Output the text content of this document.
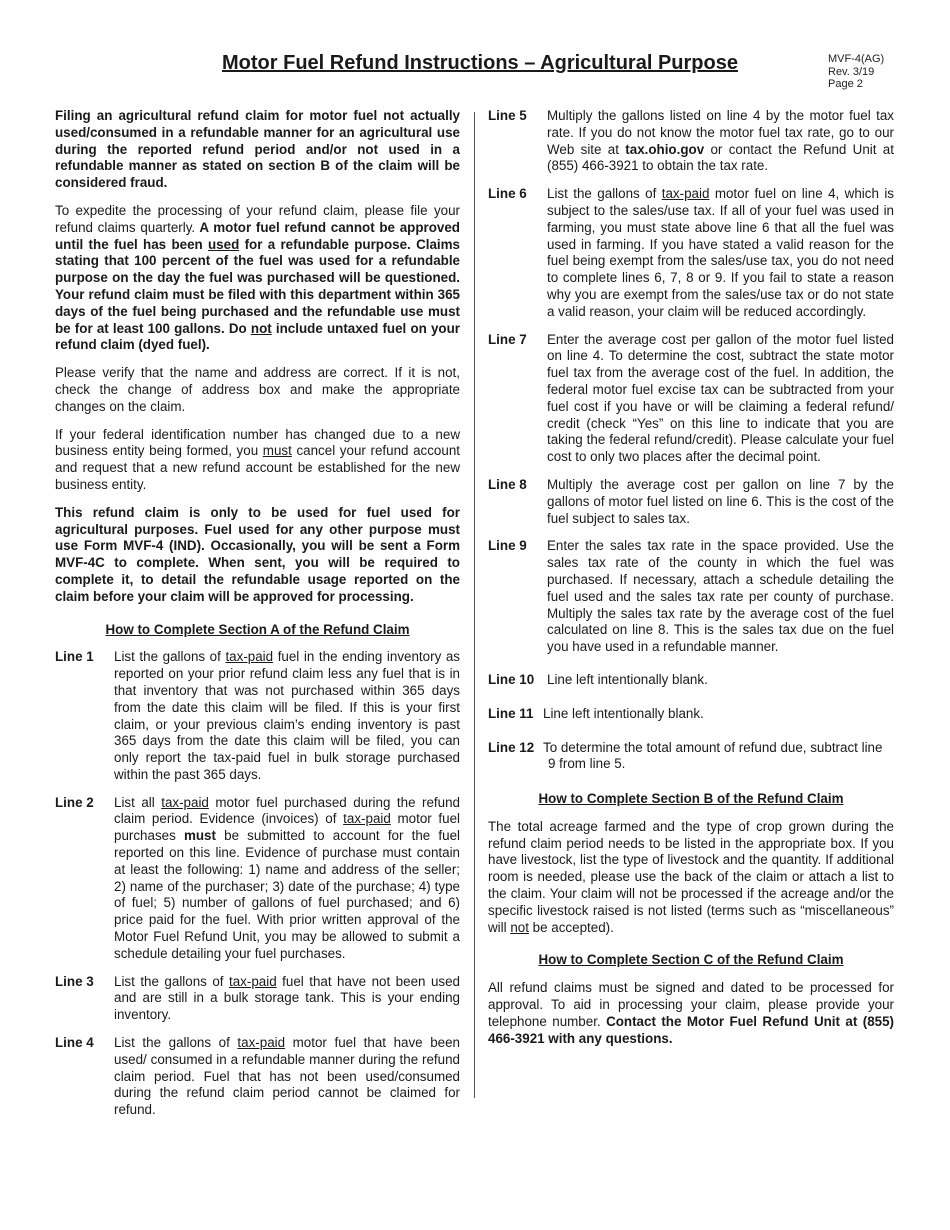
Motor Fuel Refund Instructions – Agricultural Purpose	MVF-4(AG)
Rev. 3/19
Page 2

Filing an agricultural refund claim for motor fuel not actually used/consumed in a refundable manner for an agricultural use during the reported refund period and/or not used in a refundable manner as stated on section B of the claim will be considered fraud.

To expedite the processing of your refund claim, please file your refund claims quarterly. A motor fuel refund cannot be approved until the fuel has been used for a refundable purpose. Claims stating that 100 percent of the fuel was used for a refundable purpose on the day the fuel was purchased will be questioned. Your refund claim must be filed with this department within 365 days of the fuel being purchased and the refundable use must be for at least 100 gallons. Do not include untaxed fuel on your refund claim (dyed fuel).

Please verify that the name and address are correct. If it is not, check the change of address box and make the appropriate changes on the claim.

If your federal identification number has changed due to a new business entity being formed, you must cancel your refund account and request that a new refund account be established for the new business entity.

This refund claim is only to be used for fuel used for agricultural purposes. Fuel used for any other purpose must use Form MVF-4 (IND). Occasionally, you will be sent a Form MVF-4C to complete. When sent, you will be required to complete it, to detail the refundable usage reported on the claim before your claim will be approved for processing.

How to Complete Section A of the Refund Claim
Line 1 List the gallons of tax-paid fuel in the ending inventory as reported on your prior refund claim less any fuel that is in that inventory that was not purchased within 365 days from the date this claim will be filed. If this is your first claim, or your previous claim’s ending inventory is past 365 days from the date this claim will be filed, you can only report the tax-paid fuel in bulk storage purchased within the past 365 days.
Line 2 List all tax-paid motor fuel purchased during the refund claim period. Evidence (invoices) of tax-paid motor fuel purchases must be submitted to account for the fuel reported on this line. Evidence of purchase must contain at least the following: 1) name and address of the seller; 2) name of the purchaser; 3) date of the purchase; 4) type of fuel; 5) number of gallons of fuel purchased; and 6) price paid for the fuel. With prior written approval of the Motor Fuel Refund Unit, you may be allowed to submit a schedule detailing your fuel purchases.
Line 3 List the gallons of tax-paid fuel that have not been used and are still in a bulk storage tank. This is your ending inventory.
Line 4 List the gallons of tax-paid motor fuel that have been used/ consumed in a refundable manner during the refund claim period. Fuel that has not been used/consumed during the refund claim period cannot be claimed for refund.
Line 5 Multiply the gallons listed on line 4 by the motor fuel tax rate. If you do not know the motor fuel tax rate, go to our Web site at tax.ohio.gov or contact the Refund Unit at (855) 466-3921 to obtain the tax rate.
Line 6 List the gallons of tax-paid motor fuel on line 4, which is subject to the sales/use tax. If all of your fuel was used in farming, you must state above line 6 that all the fuel was used in farming. If you have stated a valid reason for the fuel being exempt from the sales/use tax, you do not need to complete lines 6, 7, 8 or 9. If you fail to state a reason why you are exempt from the sales/use tax or do not state a valid reason, your claim will be reduced accordingly.
Line 7 Enter the average cost per gallon of the motor fuel listed on line 4. To determine the cost, subtract the state motor fuel tax from the average cost of the fuel. In addition, the federal motor fuel excise tax can be subtracted from your fuel cost if you have or will be claiming a federal refund/ credit (check “Yes” on this line to indicate that you are taking the federal refund/credit). Please calculate your fuel cost to only two places after the decimal point.
Line 8 Multiply the average cost per gallon on line 7 by the gallons of motor fuel listed on line 6. This is the cost of the fuel subject to sales tax.
Line 9 Enter the sales tax rate in the space provided. Use the sales tax rate of the county in which the fuel was purchased. If necessary, attach a schedule detailing the fuel used and the sales tax rate per county of purchase. Multiply the sales tax rate by the average cost of the fuel calculated on line 8. This is the sales tax due on the fuel you have used in a refundable manner.
Line 10 Line left intentionally blank.
Line 11 Line left intentionally blank.
Line 12 To determine the total amount of refund due, subtract line
9 from line 5.
How to Complete Section B of the Refund Claim

The total acreage farmed and the type of crop grown during the refund claim period needs to be listed in the appropriate box. If you have livestock, list the type of livestock and the quantity. If additional room is needed, please use the back of the claim or attach a list to the claim. Your claim will not be processed if the acreage and/or the specific livestock raised is not listed (terms such as “miscellaneous” will not be accepted).

How to Complete Section C of the Refund Claim

All refund claims must be signed and dated to be processed for approval. To aid in processing your claim, please provide your telephone number. Contact the Motor Fuel Refund Unit at (855) 466-3921 with any questions.
